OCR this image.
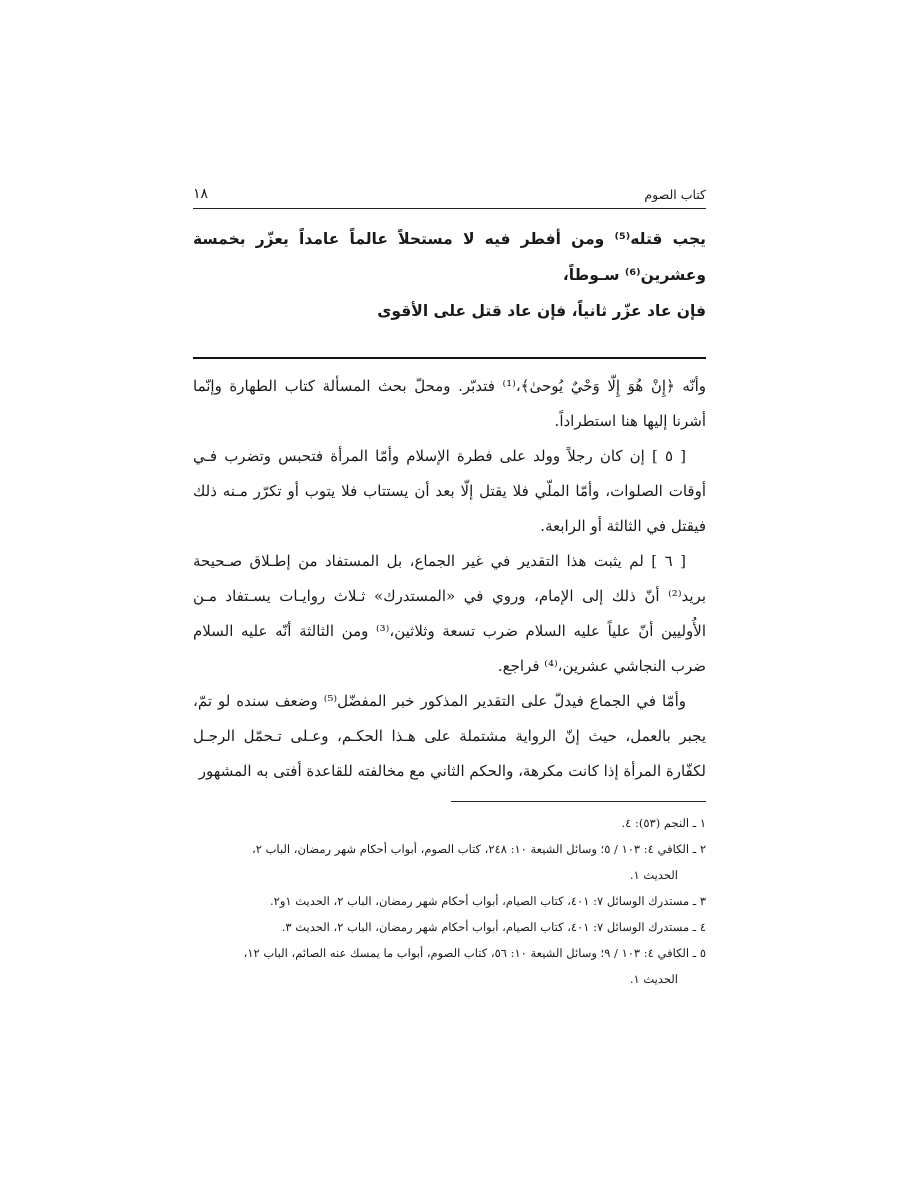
كتاب الصوم
١٨

يجب قتله⁽⁵⁾ ومن أفطر فيه لا مستحلاً عالماً عامداً يعزّر بخمسة وعشرين⁽⁶⁾ سـوطاً،

فإن عاد عزّر ثانياً، فإن عاد قتل على الأقوى

وأنّه ﴿إِنْ هُوَ إِلّا وَحْيٌ يُوحىٰ﴾،⁽¹⁾ فتدبّر. ومحلّ بحث المسألة كتاب الطهارة وإنّما أشرنا إليها هنا استطراداً.

[ ٥ ] إن كان رجلاً وولد على فطرة الإسلام وأمّا المرأة فتحبس وتضرب فـي أوقات الصلوات، وأمّا الملّي فلا يقتل إلّا بعد أن يستتاب فلا يتوب أو تكرّر مـنه ذلك فيقتل في الثالثة أو الرابعة.

[ ٦ ] لم يثبت هذا التقدير في غير الجماع، بل المستفاد من إطـلاق صـحيحة بريد⁽²⁾ أنّ ذلك إلى الإمام، وروي في «المستدرك» ثـلاث روايـات يسـتفاد مـن الأُوليين أنّ علياً عليه السلام ضرب تسعة وثلاثين،⁽³⁾ ومن الثالثة أنّه عليه السلام ضرب النجاشي عشرين،⁽⁴⁾ فراجع.

وأمّا في الجماع فيدلّ على التقدير المذكور خبر المفضّل⁽⁵⁾ وضعف سنده لو تمّ، يجبر بالعمل، حيث إنّ الرواية مشتملة على هـذا الحكـم، وعـلى تـحمّل الرجـل لكفّارة المرأة إذا كانت مكرهة، والحكم الثاني مع مخالفته للقاعدة أفتى به المشهور

١ ـ النجم (٥٣): ٤.

٢ ـ الكافي ٤: ١٠٣ / ٥؛ وسائل الشيعة ١٠: ٢٤٨، كتاب الصوم، أبواب أحكام شهر رمضان، الباب ٢،

الحديث ١.

٣ ـ مستدرك الوسائل ٧: ٤٠١، كتاب الصيام، أبواب أحكام شهر رمضان، الباب ٢، الحديث ١و٢.

٤ ـ مستدرك الوسائل ٧: ٤٠١، كتاب الصيام، أبواب أحكام شهر رمضان، الباب ٢، الحديث ٣.

٥ ـ الكافي ٤: ١٠٣ / ٩؛ وسائل الشيعة ١٠: ٥٦، كتاب الصوم، أبواب ما يمسك عنه الصائم، الباب ١٢،

الحديث ١.
